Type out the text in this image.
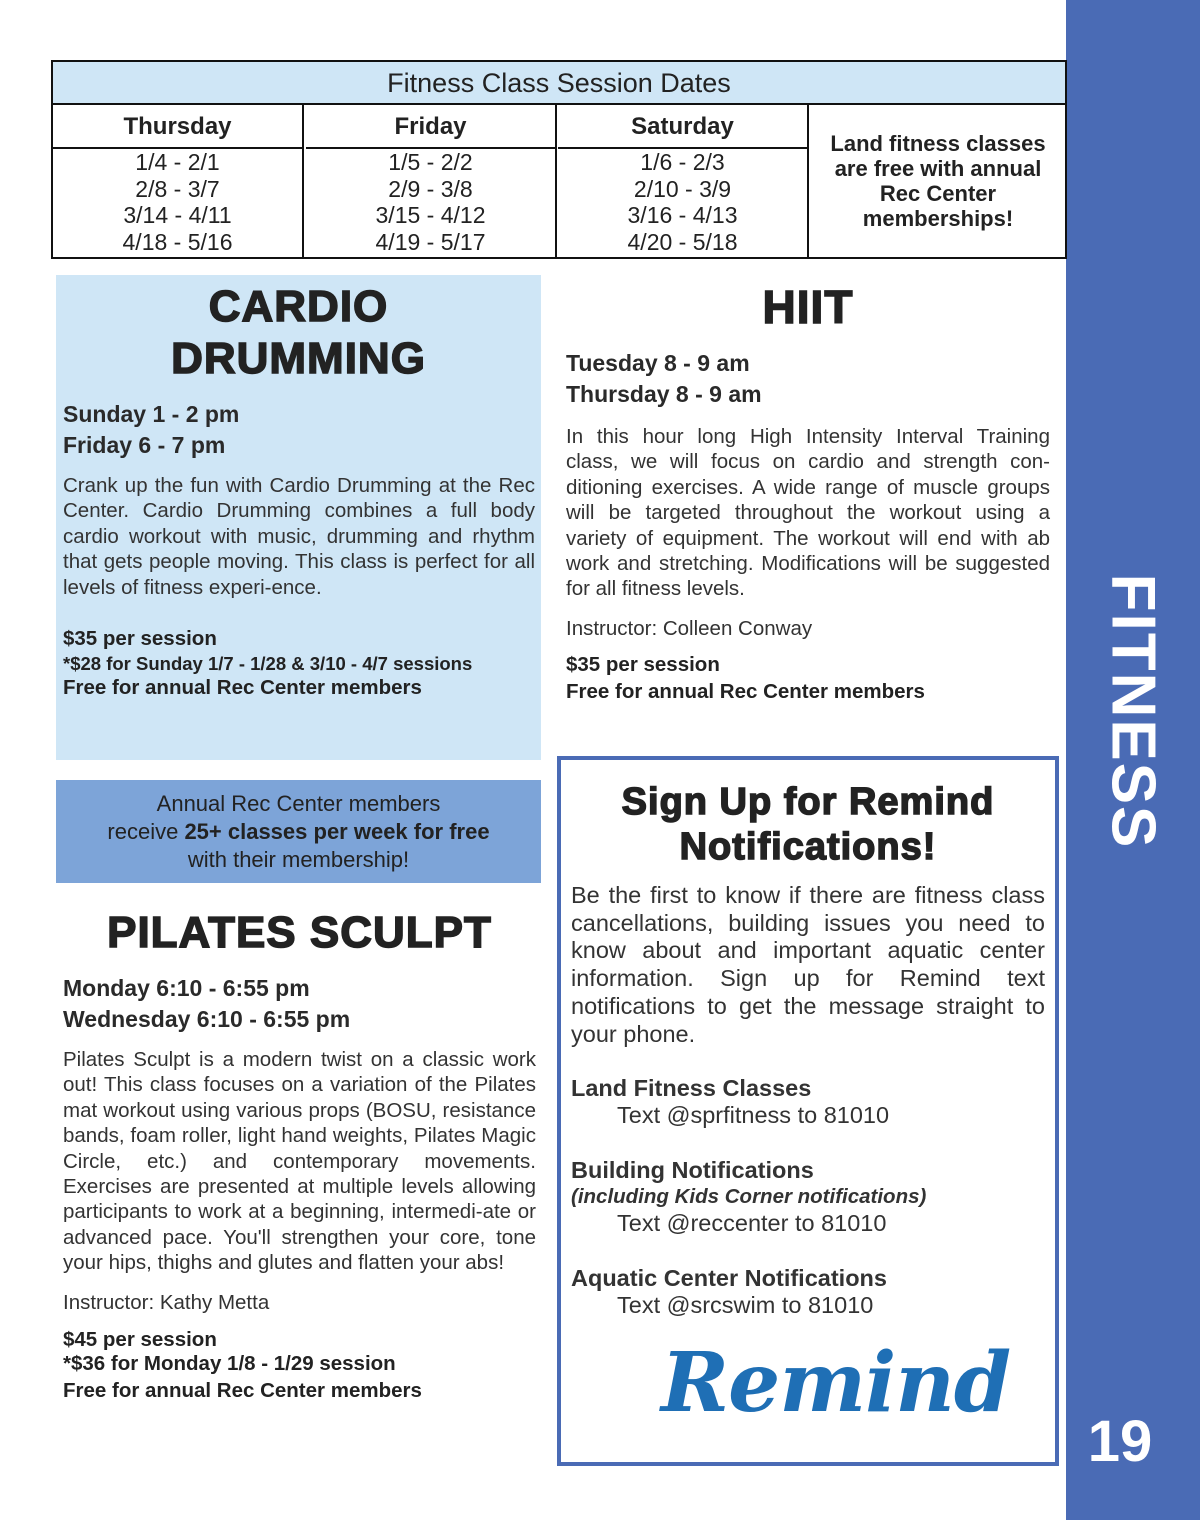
FITNESS
19
Fitness Class Session Dates
Thursday
1/4 - 2/1
2/8 - 3/7
3/14 - 4/11
4/18 - 5/16
Friday
1/5 - 2/2
2/9 - 3/8
3/15 - 4/12
4/19 - 5/17
Saturday
1/6 - 2/3
2/10 - 3/9
3/16 - 4/13
4/20 - 5/18
Land fitness classes are free with annual Rec Center memberships!
CARDIO
DRUMMING
Sunday 1 - 2 pm
Friday 6 - 7 pm
Crank up the fun with Cardio Drumming at the Rec Center. Cardio Drumming combines a full body cardio workout with music, drumming and rhythm that gets people moving. This class is perfect for all levels of fitness experi-ence.
$35 per session
*$28 for Sunday 1/7 - 1/28 & 3/10 - 4/7 sessions
Free for annual Rec Center members
HIIT
Tuesday 8 - 9 am
Thursday 8 - 9 am
In this hour long High Intensity Interval Training class, we will focus on cardio and strength con-ditioning exercises. A wide range of muscle groups will be targeted throughout the workout using a variety of equipment. The workout will end with ab work and stretching. Modifications will be suggested for all fitness levels.
Instructor: Colleen Conway
$35 per session
Free for annual Rec Center members
Annual Rec Center members
receive 25+ classes per week for free
with their membership!
PILATES SCULPT
Monday 6:10 - 6:55 pm
Wednesday 6:10 - 6:55 pm
Pilates Sculpt is a modern twist on a classic work out! This class focuses on a variation of the Pilates mat workout using various props (BOSU, resistance bands, foam roller, light hand weights, Pilates Magic Circle, etc.) and contemporary movements. Exercises are presented at multiple levels allowing participants to work at a beginning, intermedi-ate or advanced pace. You'll strengthen your core, tone your hips, thighs and glutes and flatten your abs!
Instructor: Kathy Metta
$45 per session
*$36 for Monday 1/8 - 1/29 session
Free for annual Rec Center members
Sign Up for Remind
Notifications!
Be the first to know if there are fitness class cancellations, building issues you need to know about and important aquatic center information. Sign up for Remind text notifications to get the message straight to your phone.
Land Fitness Classes
Text @sprfitness to 81010
Building Notifications
(including Kids Corner notifications)
Text @reccenter to 81010
Aquatic Center Notifications
Text @srcswim to 81010
Remind
